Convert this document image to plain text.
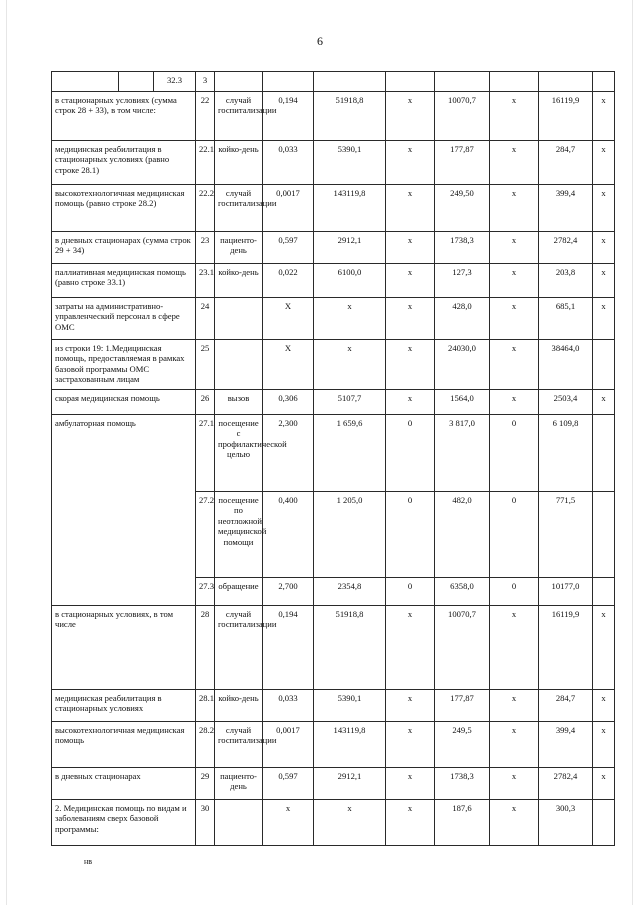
6
		32.3	3								
в стационарных условиях (сумма строк 28 + 33), в том числе:			22	случай госпитализации	0,194	51918,8	x	10070,7	x	16119,9	x
медицинская реабилитация в стационарных условиях (равно строке 28.1)			22.1	койко-день	0,033	5390,1	x	177,87	x	284,7	x
высокотехнологичная медицинская помощь (равно строке 28.2)			22.2	случай госпитализации	0,0017	143119,8	x	249,50	x	399,4	x
в дневных стационарах (сумма строк 29 + 34)			23	пациенто-день	0,597	2912,1	x	1738,3	x	2782,4	x
паллиативная медицинская помощь (равно строке 33.1)			23.1	койко-день	0,022	6100,0	x	127,3	x	203,8	x
затраты на административно-управленческий персонал в сфере ОМС			24		X	x	x	428,0	x	685,1	x
из строки 19: 1.Медицинская помощь, предоставляемая в рамках базовой программы ОМС застрахованным лицам			25		X	x	x	24030,0	x	38464,0	
скорая медицинская помощь			26	вызов	0,306	5107,7	x	1564,0	x	2503,4	x
амбулаторная помощь			27.1	посещение с профилактической целью	2,300	1 659,6	0	3 817,0	0	6 109,8	
			27.2	посещение по неотложной медицинской помощи	0,400	1 205,0	0	482,0	0	771,5	
			27.3	обращение	2,700	2354,8	0	6358,0	0	10177,0	
в стационарных условиях, в том числе			28	случай госпитализации	0,194	51918,8	x	10070,7	x	16119,9	x
медицинская реабилитация в стационарных условиях			28.1	койко-день	0,033	5390,1	x	177,87	x	284,7	x
высокотехнологичная медицинская помощь			28.2	случай госпитализации	0,0017	143119,8	x	249,5	x	399,4	x
в дневных стационарах			29	пациенто-день	0,597	2912,1	x	1738,3	x	2782,4	x
2. Медицинская помощь по видам и заболеваниям сверх базовой программы:			30		x	x	x	187,6	x	300,3	
нв
